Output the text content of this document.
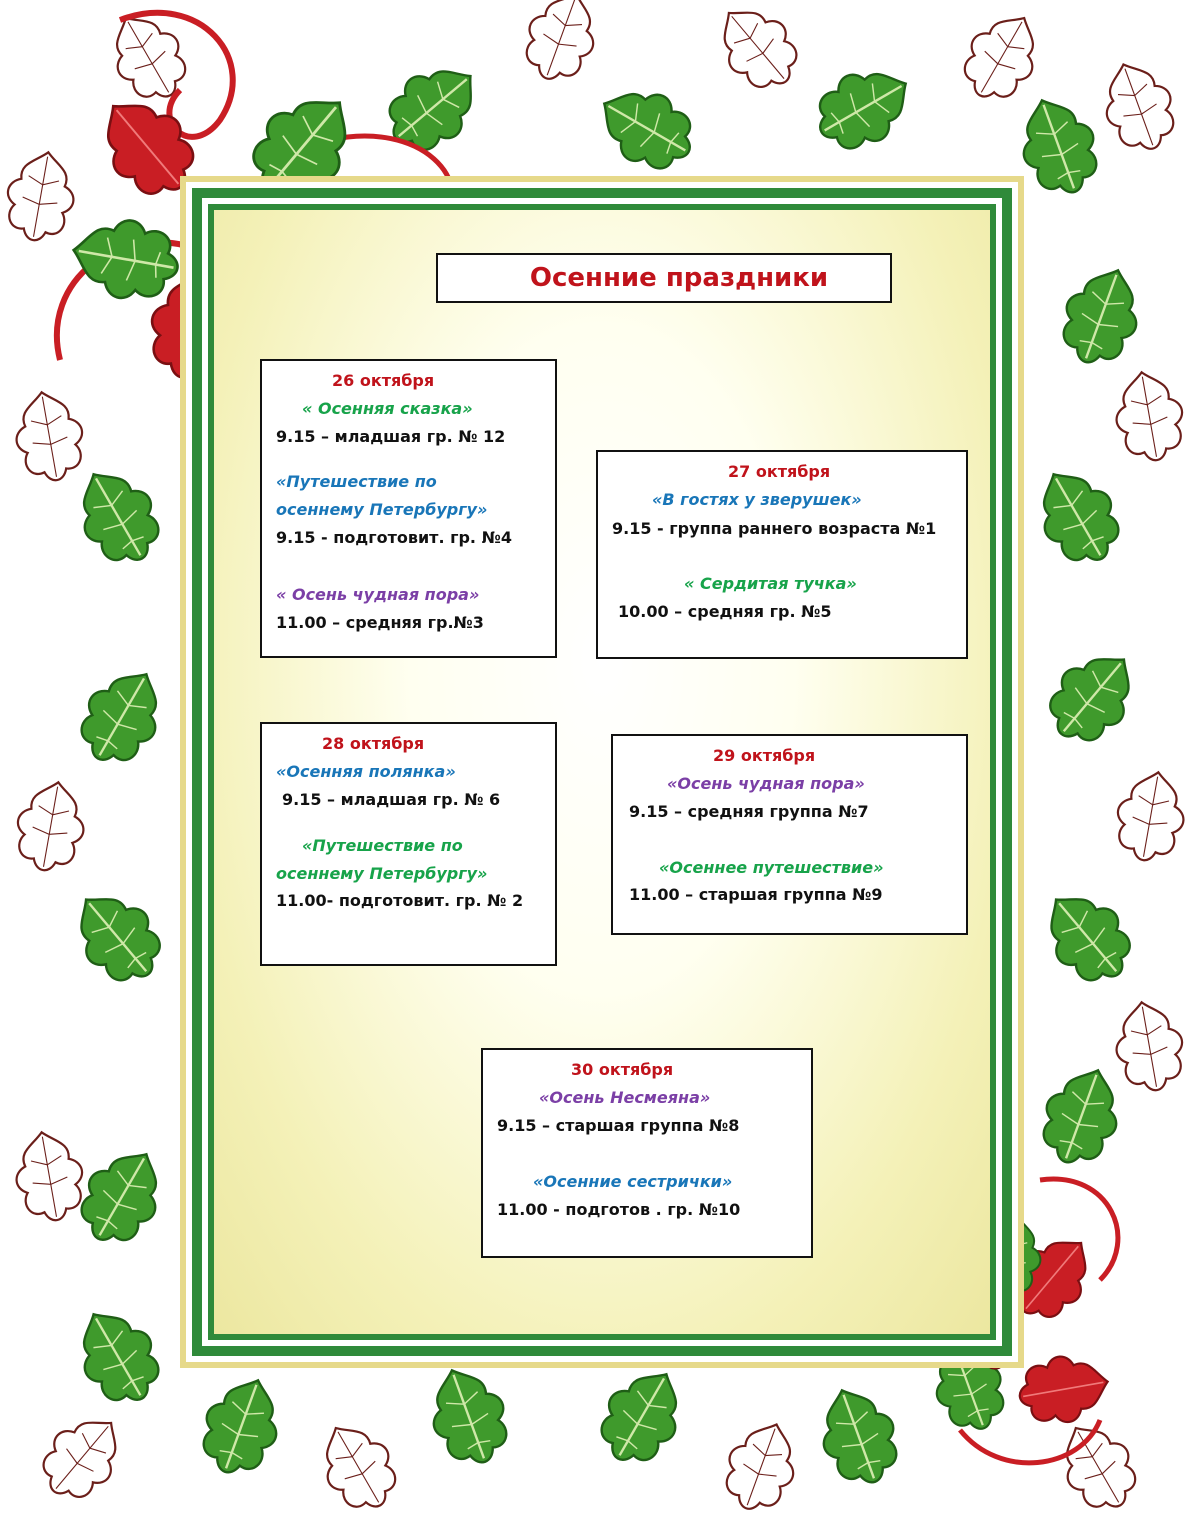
Осенние праздники
26 октября
« Осенняя сказка»
9.15 – младшая гр. № 12
«Путешествие по
осеннему Петербургу»
9.15 - подготовит. гр. №4
« Осень чудная пора»
11.00 – средняя гр.№3
27 октября
«В гостях у зверушек»
9.15 - группа раннего возраста №1
« Сердитая тучка»
10.00 – средняя гр. №5
28 октября
«Осенняя полянка»
9.15 – младшая гр. № 6
«Путешествие по
осеннему Петербургу»
11.00- подготовит. гр. № 2
29 октября
«Осень чудная пора»
9.15 – средняя группа №7
«Осеннее путешествие»
11.00 – старшая группа №9
30 октября
«Осень Несмеяна»
9.15 – старшая группа №8
«Осенние сестрички»
11.00 - подготов . гр. №10
